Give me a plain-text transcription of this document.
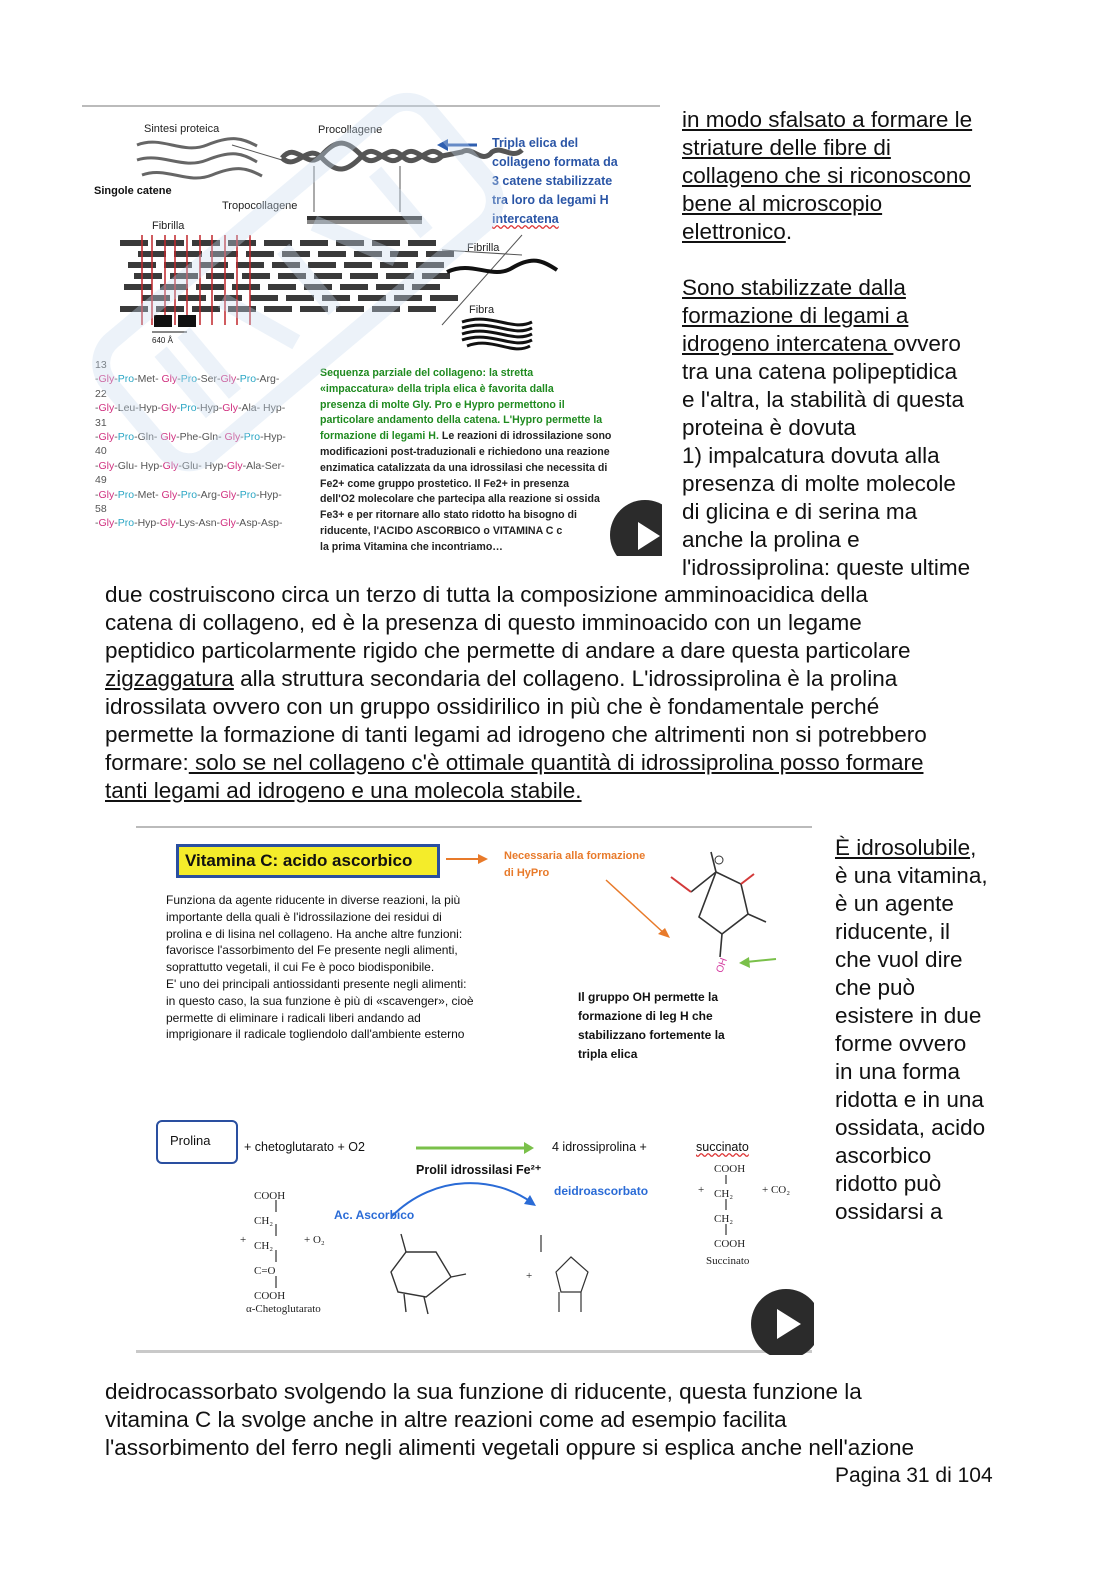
Sintesi proteica	Procollagene
Singole catene
Tropocollagene
Fibrilla
Fibrilla
Fibra
640 Å
Tripla elica del
collageno formata da
3 catene stabilizzate
tra loro da legami H
intercatena
13
-Gly-Pro-Met- Gly-Pro-Ser-Gly-Pro-Arg-
22
-Gly-Leu-Hyp-Gly-Pro-Hyp-Gly-Ala- Hyp-
31
-Gly-Pro-Gln- Gly-Phe-Gln- Gly-Pro-Hyp-
40
-Gly-Glu- Hyp-Gly-Glu- Hyp-Gly-Ala-Ser-
49
-Gly-Pro-Met- Gly-Pro-Arg-Gly-Pro-Hyp-
58
-Gly-Pro-Hyp-Gly-Lys-Asn-Gly-Asp-Asp-
Sequenza parziale del collageno: la stretta
«impaccatura» della tripla elica è favorita dalla
presenza di molte Gly. Pro e Hypro permettono il
particolare andamento della catena. L'Hypro permette la
formazione di legami H. Le reazioni di idrossilazione sono
modificazioni post-traduzionali e richiedono una reazione
enzimatica catalizzata da una idrossilasi che necessita di
Fe2+ come gruppo prostetico. Il Fe2+ in presenza
dell'O2 molecolare che partecipa alla reazione si ossida
Fe3+ e per ritornare allo stato ridotto ha bisogno di
riducente, l'ACIDO ASCORBICO o VITAMINA C c
la prima Vitamina che incontriamo…
in modo sfalsato a formare le
striature delle fibre di
collageno che si riconoscono
bene al microscopio
elettronico.
Sono stabilizzate dalla
formazione di legami a
idrogeno intercatena ovvero
tra una catena polipeptidica
e l'altra, la stabilità di questa
proteina è dovuta
1) impalcatura dovuta alla
presenza di molte molecole
di glicina e di serina ma
anche la prolina e
l'idrossiprolina: queste ultime
due costruiscono circa un terzo di tutta la composizione amminoacidica della
catena di collageno, ed è la presenza di questo imminoacido con un legame
peptidico particolarmente rigido che permette di andare a dare questa particolare
zigzaggatura alla struttura secondaria del collageno. L'idrossiprolina è la prolina
idrossilata ovvero con un gruppo ossidirilico in più che è fondamentale perché
permette la formazione di tanti legami ad idrogeno che altrimenti non si potrebbero
formare: solo se nel collageno c'è ottimale quantità di idrossiprolina posso formare
tanti legami ad idrogeno e una molecola stabile.
Vitamina C: acido ascorbico
OH
Necessaria alla formazione
di HyPro
Funziona da agente riducente in diverse reazioni, la più
importante della quali è l'idrossilazione dei residui di
prolina e di lisina nel collageno. Ha anche altre funzioni:
favorisce l'assorbimento del Fe presente negli alimenti,
soprattutto vegetali, il cui Fe è poco biodisponibile.
E' uno dei principali antiossidanti presente negli alimenti:
in questo caso, la sua funzione è più di «scavenger», cioè
permette di eliminare i radicali liberi andando ad
imprigionare il radicale togliendolo dall'ambiente esterno
Il gruppo OH permette la
formazione di leg H che
stabilizzano fortemente la
tripla elica
Prolina	+ chetoglutarato + O2	4 idrossiprolina +	succinato
Prolil idrossilasi Fe²⁺
Ac. Ascorbico
deidroascorbato
COOH
CH₂
CH₂
C=O
COOH
+	+ O₂
α-Chetoglutarato
+
COOH
CH₂
CH₂
COOH
+	+ CO₂
Succinato
È idrosolubile,
è una vitamina,
è un agente
riducente, il
che vuol dire
che può
esistere in due
forme ovvero
in una forma
ridotta e in una
ossidata, acido
ascorbico
ridotto può
ossidarsi a
deidrocassorbato svolgendo la sua funzione di riducente, questa funzione la
vitamina C la svolge anche in altre reazioni come ad esempio facilita
l'assorbimento del ferro negli alimenti vegetali oppure si esplica anche nell'azione
Pagina 31 di 104
